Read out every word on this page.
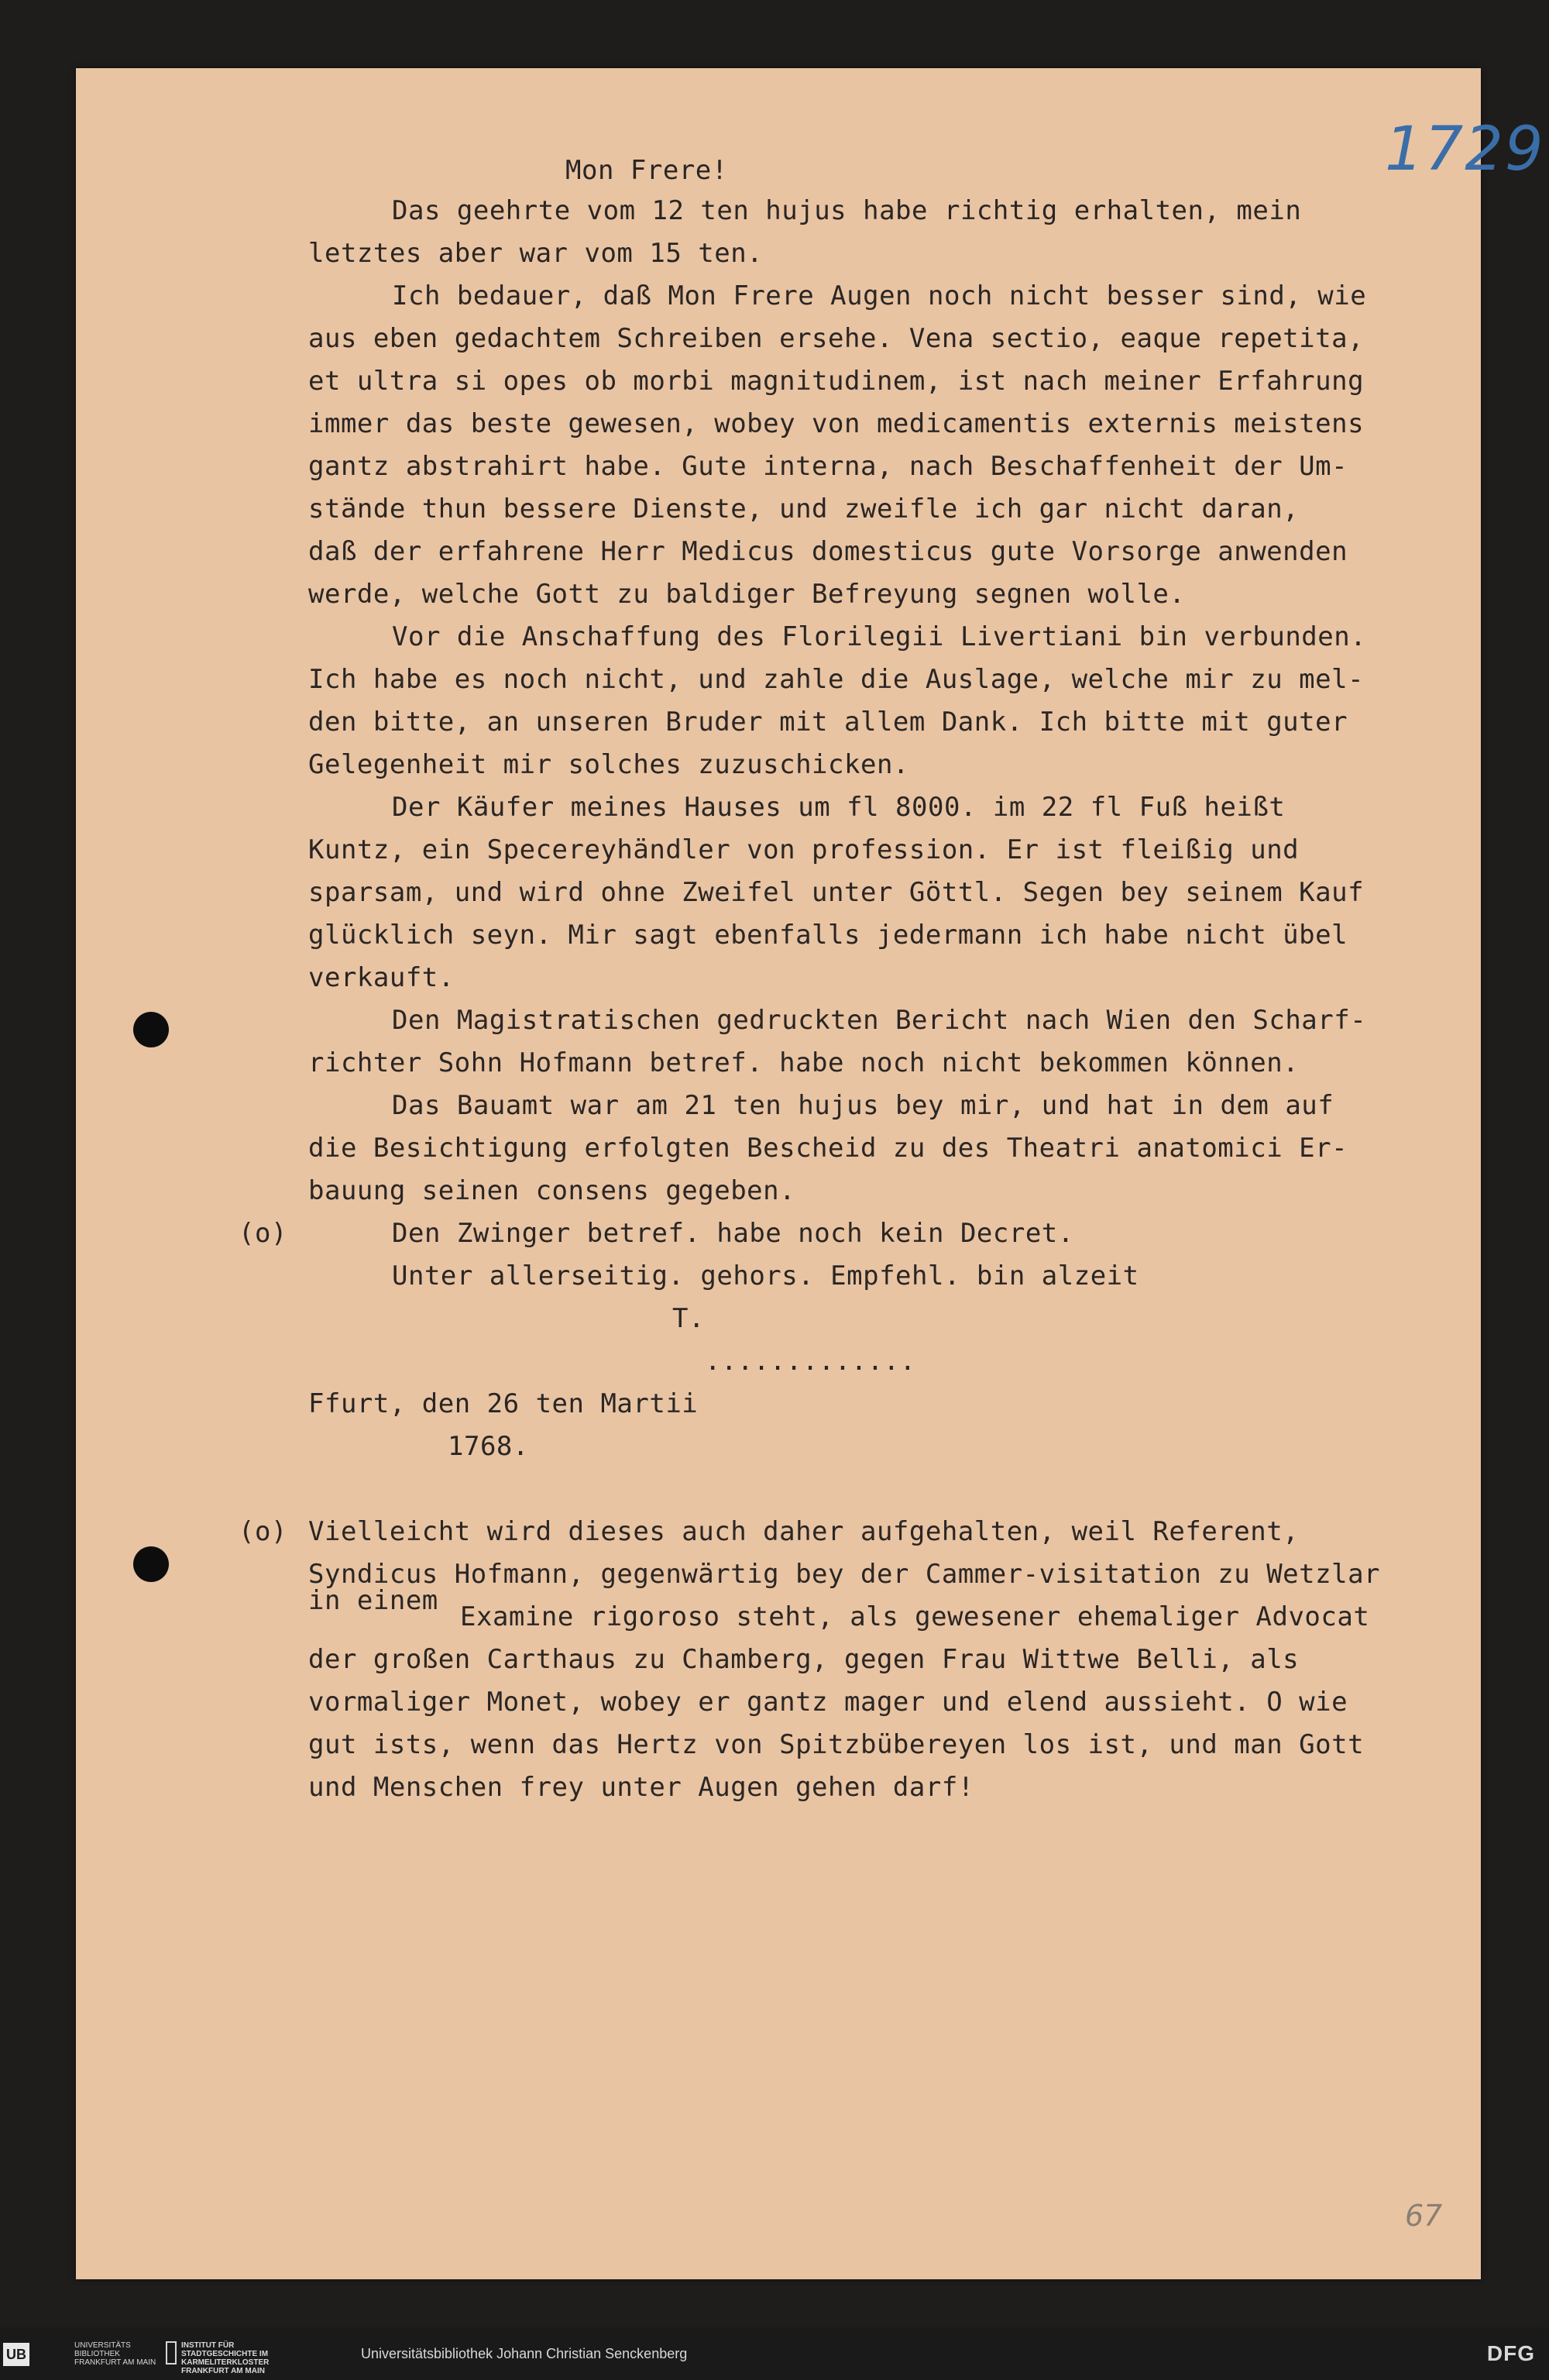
1729
Mon Frere!
Das geehrte vom 12 ten hujus habe richtig erhalten, mein
letztes aber war vom 15 ten.
Ich bedauer, daß Mon Frere Augen noch nicht besser sind, wie
aus eben gedachtem Schreiben ersehe. Vena sectio, eaque repetita,
et ultra si opes ob morbi magnitudinem, ist nach meiner Erfahrung
immer das beste gewesen, wobey von medicamentis externis meistens
gantz abstrahirt habe. Gute interna, nach Beschaffenheit der Um-
stände thun bessere Dienste, und zweifle ich gar nicht daran,
daß der erfahrene Herr Medicus domesticus gute Vorsorge anwenden
werde, welche Gott zu baldiger Befreyung segnen wolle.
Vor die Anschaffung des Florilegii Livertiani bin verbunden.
Ich habe es noch nicht, und zahle die Auslage, welche mir zu mel-
den bitte, an unseren Bruder mit allem Dank. Ich bitte mit guter
Gelegenheit mir solches zuzuschicken.
Der Käufer meines Hauses um fl 8000. im 22 fl Fuß heißt
Kuntz, ein Specereyhändler von profession. Er ist fleißig und
sparsam, und wird ohne Zweifel unter Göttl. Segen bey seinem Kauf
glücklich seyn. Mir sagt ebenfalls jedermann ich habe nicht übel
verkauft.
Den Magistratischen gedruckten Bericht nach Wien den Scharf-
richter Sohn Hofmann betref. habe noch nicht bekommen können.
Das Bauamt war am 21 ten hujus bey mir, und hat in dem auf
die Besichtigung erfolgten Bescheid zu des Theatri anatomici Er-
bauung seinen consens gegeben.
(o)	Den Zwinger betref. habe noch kein Decret.
Unter allerseitig. gehors. Empfehl. bin alzeit
T.
.............
Ffurt, den 26 ten Martii
1768.
(o) Vielleicht wird dieses auch daher aufgehalten, weil Referent,
Syndicus Hofmann, gegenwärtig bey der Cammer-visitation zu Wetzlar
in einem
Examine rigoroso steht, als gewesener ehemaliger Advocat
der großen Carthaus zu Chamberg, gegen Frau Wittwe Belli, als
vormaliger Monet, wobey er gantz mager und elend aussieht. O wie
gut ists, wenn das Hertz von Spitzbübereyen los ist, und man Gott
und Menschen frey unter Augen gehen darf!
67
UB
UNIVERSITÄTS BIBLIOTHEK FRANKFURT AM MAIN
INSTITUT FÜR STADTGESCHICHTE IM KARMELITERKLOSTER FRANKFURT AM MAIN
Universitätsbibliothek Johann Christian Senckenberg	DFG
